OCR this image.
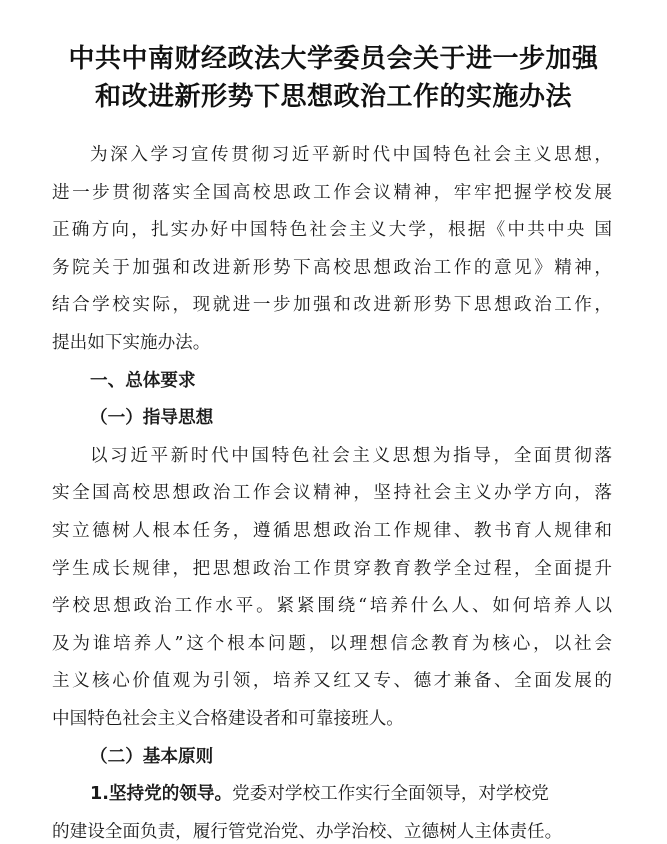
中共中南财经政法大学委员会关于进一步加强
和改进新形势下思想政治工作的实施办法
为深入学习宣传贯彻习近平新时代中国特色社会主义思想，
进一步贯彻落实全国高校思政工作会议精神，牢牢把握学校发展
正确方向，扎实办好中国特色社会主义大学，根据《中共中央 国
务院关于加强和改进新形势下高校思想政治工作的意见》精神，
结合学校实际，现就进一步加强和改进新形势下思想政治工作，
提出如下实施办法。
一、总体要求
（一）指导思想
以习近平新时代中国特色社会主义思想为指导，全面贯彻落
实全国高校思想政治工作会议精神，坚持社会主义办学方向，落
实立德树人根本任务，遵循思想政治工作规律、教书育人规律和
学生成长规律，把思想政治工作贯穿教育教学全过程，全面提升
学校思想政治工作水平。紧紧围绕“培养什么人、如何培养人以
及为谁培养人”这个根本问题，以理想信念教育为核心，以社会
主义核心价值观为引领，培养又红又专、德才兼备、全面发展的
中国特色社会主义合格建设者和可靠接班人。
（二）基本原则
1.坚持党的领导。党委对学校工作实行全面领导，对学校党
的建设全面负责，履行管党治党、办学治校、立德树人主体责任。
